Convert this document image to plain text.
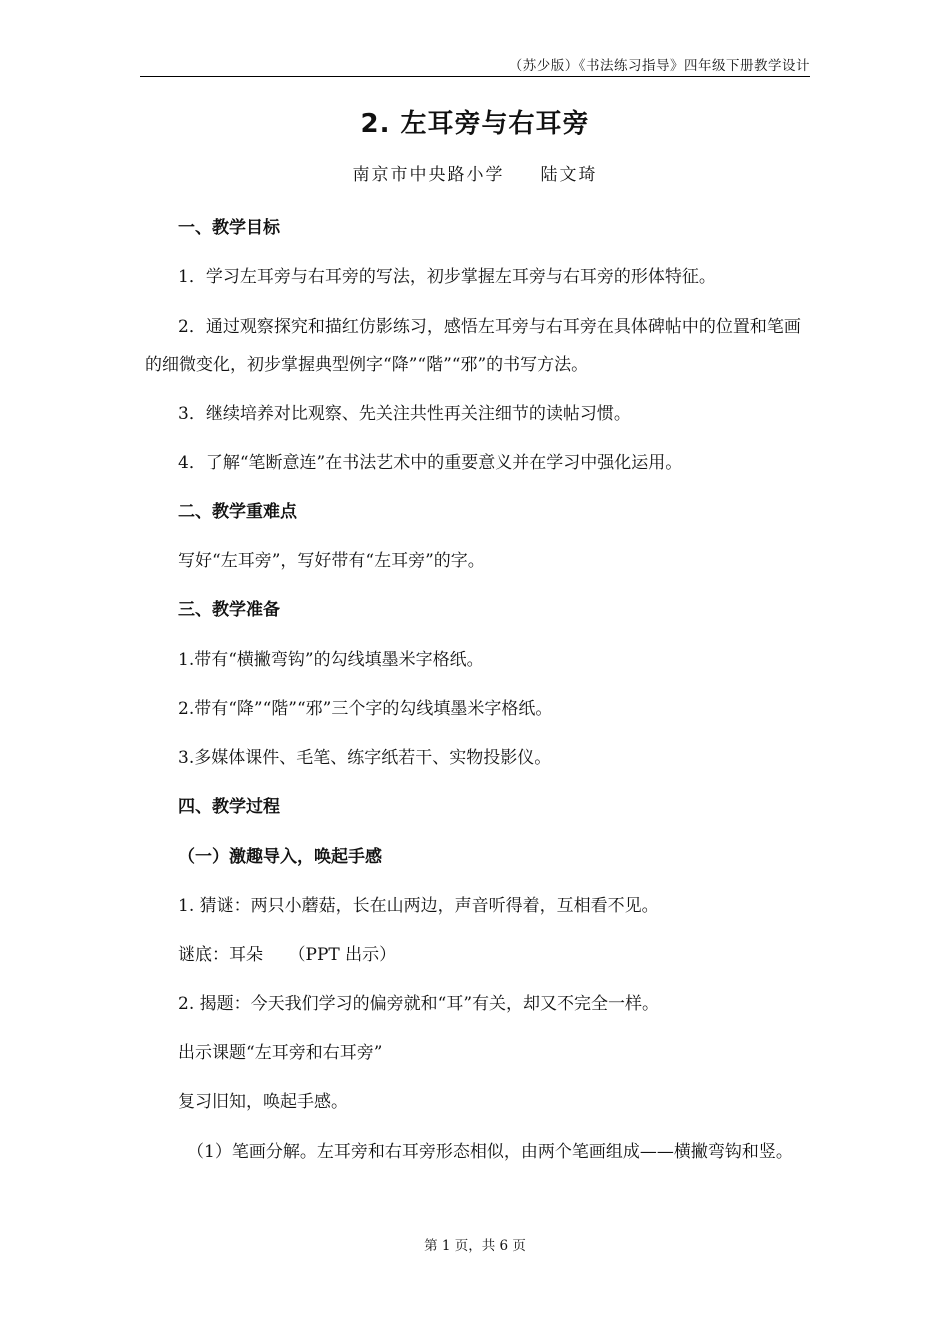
（苏少版）《书法练习指导》四年级下册教学设计
2. 左耳旁与右耳旁
南京市中央路小学 陆文琦
一、教学目标
1．学习左耳旁与右耳旁的写法，初步掌握左耳旁与右耳旁的形体特征。
2．通过观察探究和描红仿影练习，感悟左耳旁与右耳旁在具体碑帖中的位置和笔画的细微变化，初步掌握典型例字“降”“階”“邪”的书写方法。
3．继续培养对比观察、先关注共性再关注细节的读帖习惯。
4．了解“笔断意连”在书法艺术中的重要意义并在学习中强化运用。
二、教学重难点
写好“左耳旁”，写好带有“左耳旁”的字。
三、教学准备
1.带有“横撇弯钩”的勾线填墨米字格纸。
2.带有“降”“階”“邪”三个字的勾线填墨米字格纸。
3.多媒体课件、毛笔、练字纸若干、实物投影仪。
四、教学过程
（一）激趣导入，唤起手感
1. 猜谜：两只小蘑菇，长在山两边，声音听得着，互相看不见。
谜底：耳朵　　（PPT 出示）
2. 揭题：今天我们学习的偏旁就和“耳”有关，却又不完全一样。
出示课题“左耳旁和右耳旁”
复习旧知，唤起手感。
（1）笔画分解。左耳旁和右耳旁形态相似，由两个笔画组成——横撇弯钩和竖。
第 1 页，共 6 页
